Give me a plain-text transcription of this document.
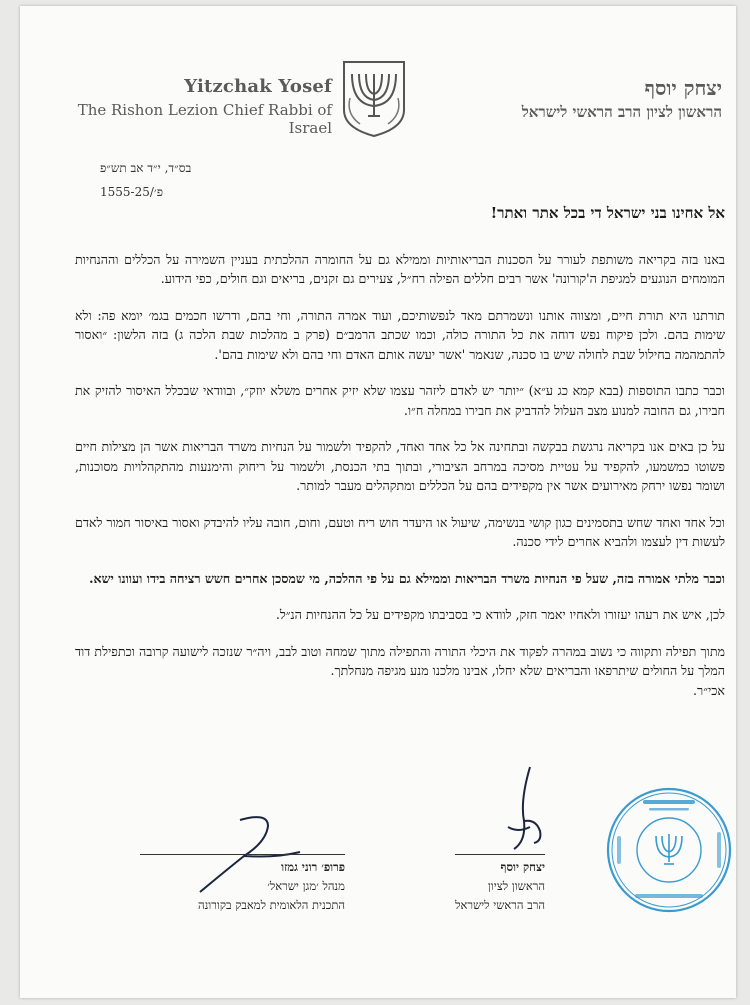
Yitzchak Yosef
The Rishon Lezion Chief Rabbi of Israel
יצחק יוסף
הראשון לציון הרב הראשי לישראל
בס״ד, י״ד אב תש״פ
פ׳/1555-25

אל אחינו בני ישראל די בכל אתר ואתר!

באנו בזה בקריאה משותפת לעורר על הסכנות הבריאותיות וממילא גם על החומרה ההלכתית בעניין השמירה על הכללים וההנחיות המומחים הנוגעים למגיפת ה'קורונה' אשר רבים חללים הפילה רח״ל, צעירים גם זקנים, בריאים וגם חולים, כפי הידוע.

תורתנו היא תורת חיים, ומצווה אותנו ונשמרתם מאד לנפשותיכם, ועוד אמרה התורה, וחי בהם, ודרשו חכמים בגמ׳ יומא פה: ולא שימות בהם. ולכן פיקוח נפש דוחה את כל התורה כולה, וכמו שכתב הרמב״ם (פרק ב מהלכות שבת הלכה ג) בזה הלשון: ״ואסור להתמהמה בחילול שבת לחולה שיש בו סכנה, שנאמר 'אשר יעשה אותם האדם וחי בהם ולא שימות בהם'.

וכבר כתבו התוספות (בבא קמא כג ע״א) ״יותר יש לאדם ליזהר עצמו שלא יזיק אחרים משלא יוזק״, ובוודאי שבכלל האיסור להזיק את חבירו, גם החובה למנוע מצב העלול להדביק את חבירו במחלה ח״ו.

על כן באים אנו בקריאה נרגשת בבקשה ובתחינה אל כל אחד ואחד, להקפיד ולשמור על הנחיות משרד הבריאות אשר הן מצילות חיים פשוטו כמשמעו, להקפיד על עטיית מסיכה במרחב הציבורי, ובתוך בתי הכנסת, ולשמור על ריחוק והימנעות מהתקהלויות מסוכנות, ושומר נפשו ירחק מאירועים אשר אין מקפידים בהם על הכללים ומתקהלים מעבר למותר.

וכל אחד ואחד שחש בתסמינים כגון קושי בנשימה, שיעול או היעדר חוש ריח וטעם, וחום, חובה עליו להיבדק ואסור באיסור חמור לאדם לעשות דין לעצמו ולהביא אחרים לידי סכנה.

וכבר מלתי אמורה בזה, שעל פי הנחיות משרד הבריאות וממילא גם על פי ההלכה, מי שמסכן אחרים חשש רציחה בידו ועוונו ישא.

לכן, איש את רעהו יעזורו ולאחיו יאמר חזק, לוודא כי בסביבתו מקפידים על כל ההנחיות הנ״ל.

מתוך תפילה ותקווה כי נשוב במהרה לפקוד את היכלי התורה והתפילה מתוך שמחה וטוב לבב, ויה״ר שנזכה לישועה קרובה וכתפילת דוד המלך על החולים שיתרפאו והבריאים שלא יחלו, אבינו מלכנו מנע מגיפה מנחלתך.

אכי״ר.

יצחק יוסף
הראשון לציון
הרב הראשי לישראל
פרופ׳ רוני גמזו
מנהל ׳מגן ישראל׳
התכנית הלאומית למאבק בקורונה
